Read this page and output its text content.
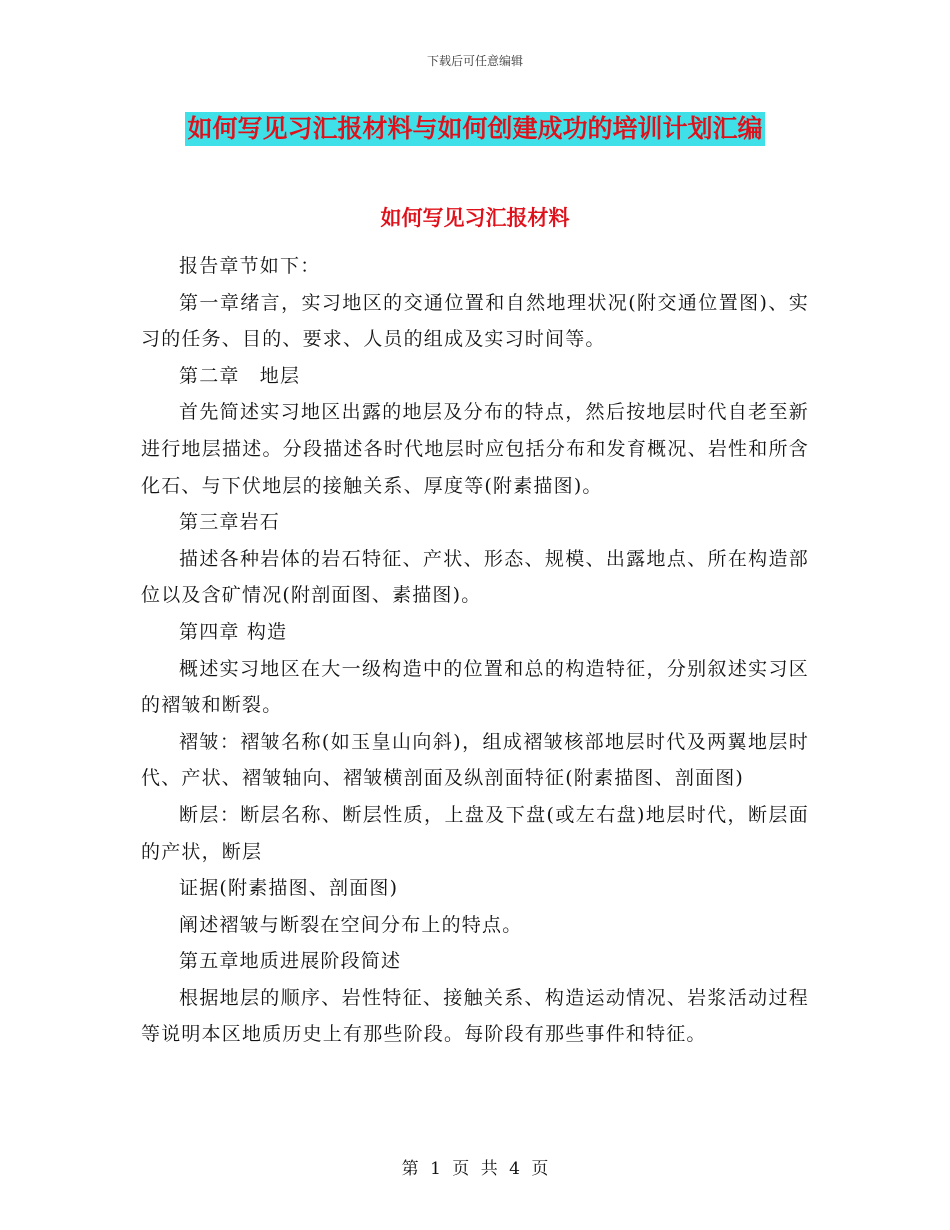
下载后可任意编辑
如何写见习汇报材料与如何创建成功的培训计划汇编
如何写见习汇报材料

报告章节如下：

第一章绪言，实习地区的交通位置和自然地理状况(附交通位置图)、实习的任务、目的、要求、人员的组成及实习时间等。

第二章　地层

首先简述实习地区出露的地层及分布的特点，然后按地层时代自老至新进行地层描述。分段描述各时代地层时应包括分布和发育概况、岩性和所含化石、与下伏地层的接触关系、厚度等(附素描图)。

第三章岩石

描述各种岩体的岩石特征、产状、形态、规模、出露地点、所在构造部位以及含矿情况(附剖面图、素描图)。

第四章 构造

概述实习地区在大一级构造中的位置和总的构造特征，分别叙述实习区的褶皱和断裂。

褶皱：褶皱名称(如玉皇山向斜)，组成褶皱核部地层时代及两翼地层时代、产状、褶皱轴向、褶皱横剖面及纵剖面特征(附素描图、剖面图)

断层：断层名称、断层性质，上盘及下盘(或左右盘)地层时代，断层面的产状，断层

证据(附素描图、剖面图)

阐述褶皱与断裂在空间分布上的特点。

第五章地质进展阶段简述

根据地层的顺序、岩性特征、接触关系、构造运动情况、岩浆活动过程等说明本区地质历史上有那些阶段。每阶段有那些事件和特征。

第 1 页 共 4 页
